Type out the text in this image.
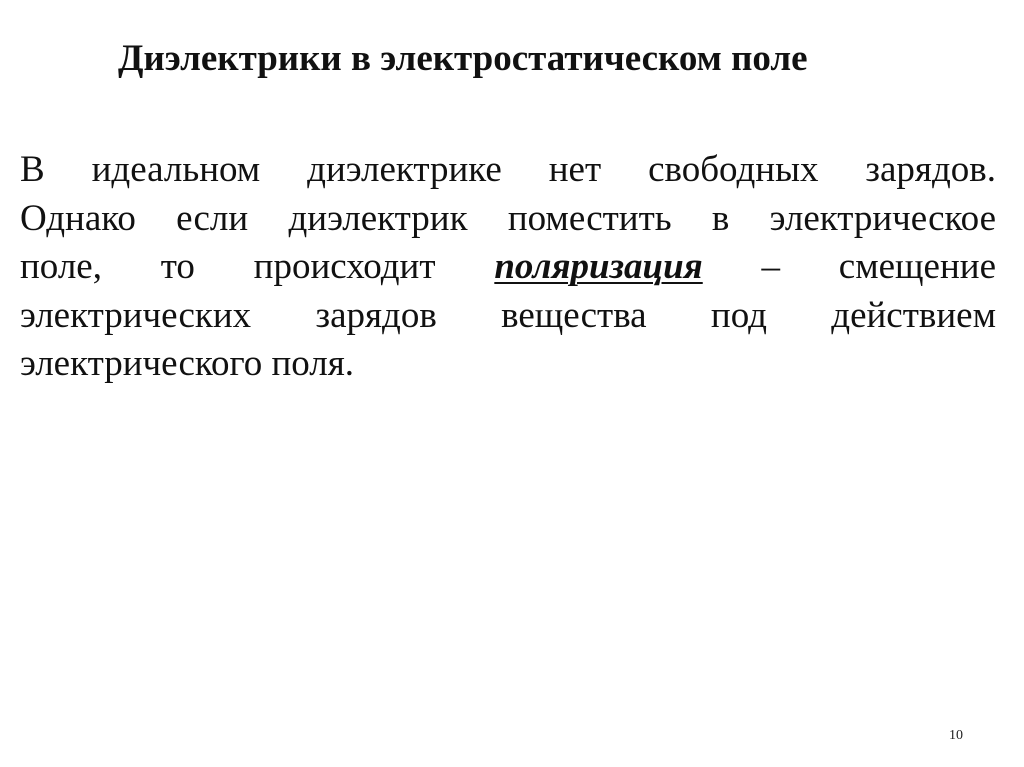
Диэлектрики в электростатическом поле
В идеальном диэлектрике нет свободных зарядов.
Однако если диэлектрик поместить в электрическое
поле, то происходит поляризация – смещение
электрических зарядов вещества под действием
электрического поля.
10
